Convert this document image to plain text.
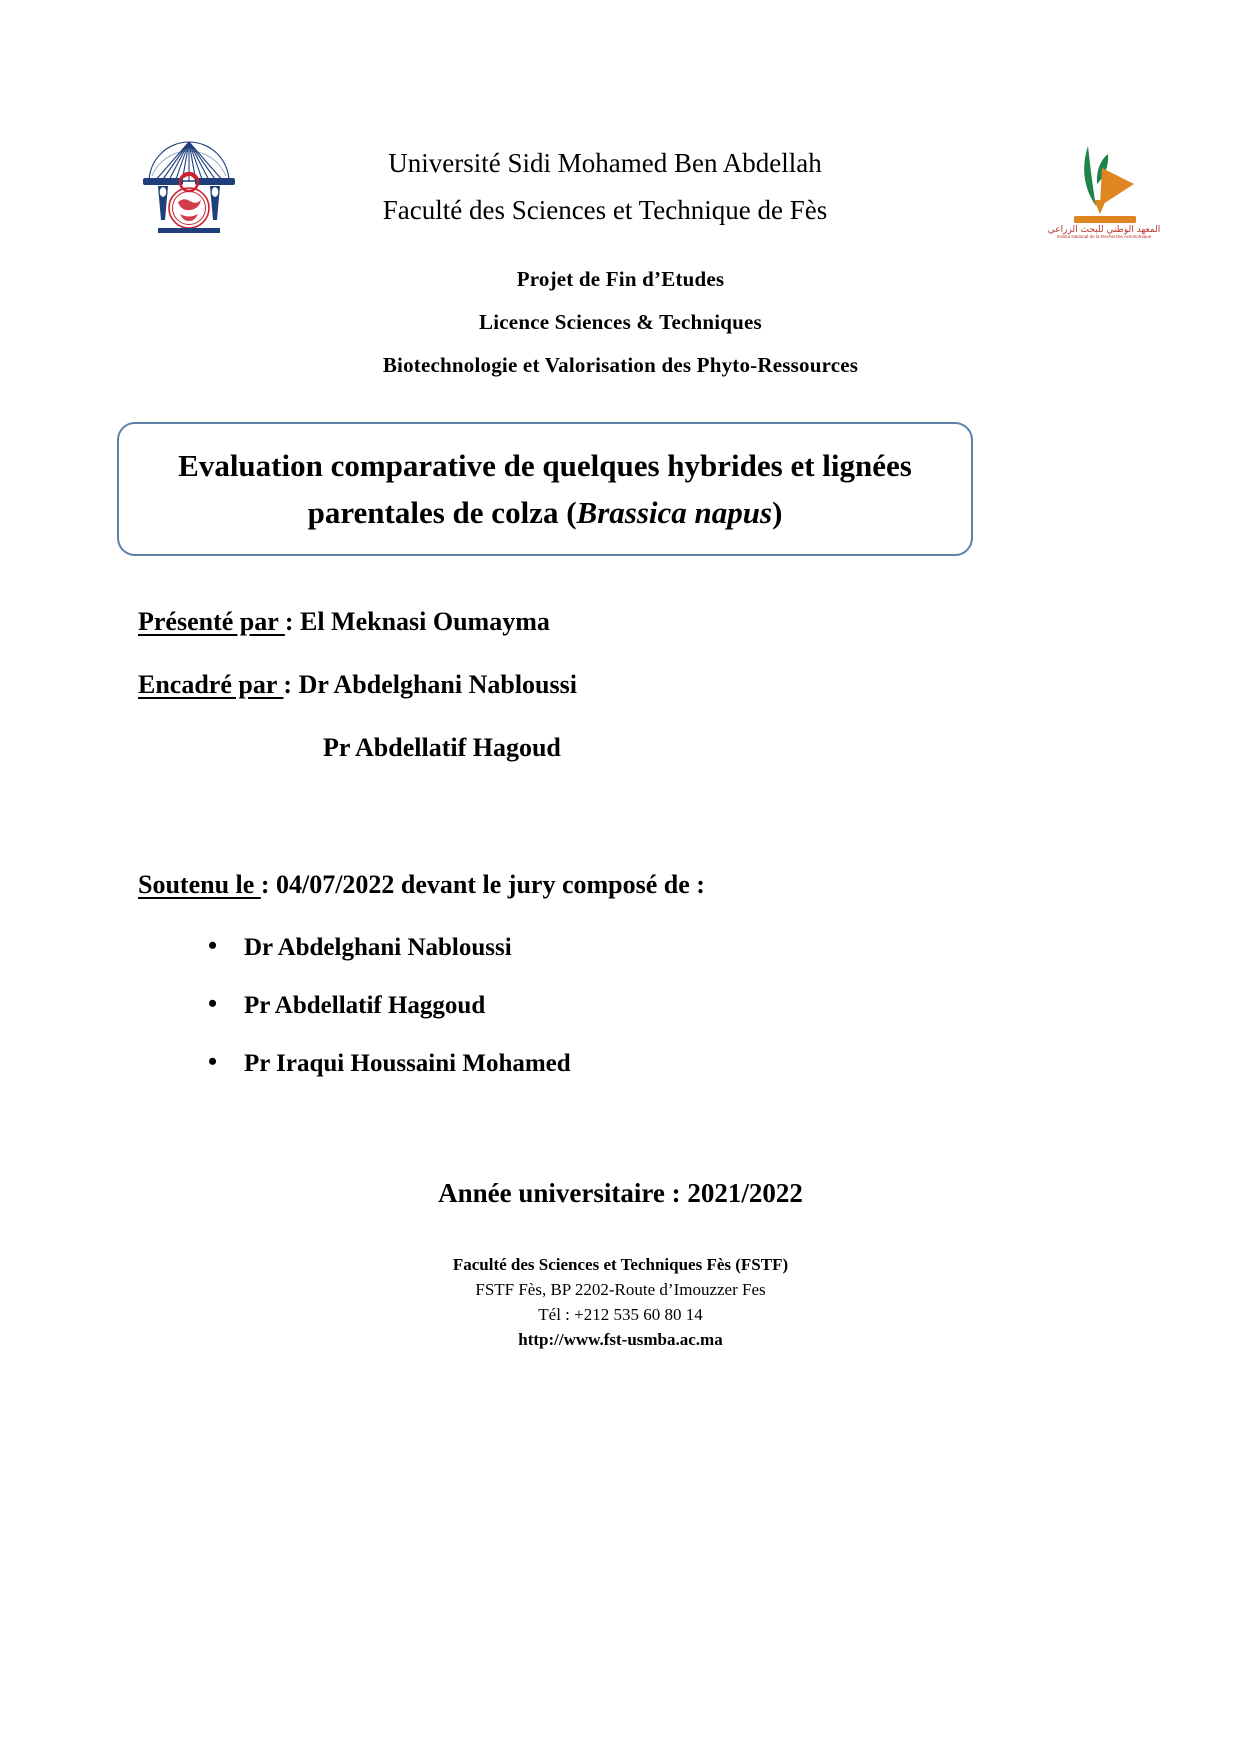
Université Sidi Mohamed Ben Abdellah
Faculté des Sciences et Technique de Fès
المعهد الوطني للبحث الزراعي
Institut National de la Recherche Agronomique
Projet de Fin d’Etudes
Licence Sciences & Techniques
Biotechnologie et Valorisation des Phyto-Ressources
Evaluation comparative de quelques hybrides et lignées
parentales de colza (Brassica napus)
Présenté par : El Meknasi Oumayma
Encadré par : Dr Abdelghani Nabloussi
Pr Abdellatif Hagoud
Soutenu le : 04/07/2022 devant le jury composé de :
• Dr Abdelghani Nabloussi
• Pr Abdellatif Haggoud
• Pr Iraqui Houssaini Mohamed
Année universitaire : 2021/2022
Faculté des Sciences et Techniques Fès (FSTF)
FSTF Fès, BP 2202-Route d’Imouzzer Fes
Tél : +212 535 60 80 14
http://www.fst-usmba.ac.ma
